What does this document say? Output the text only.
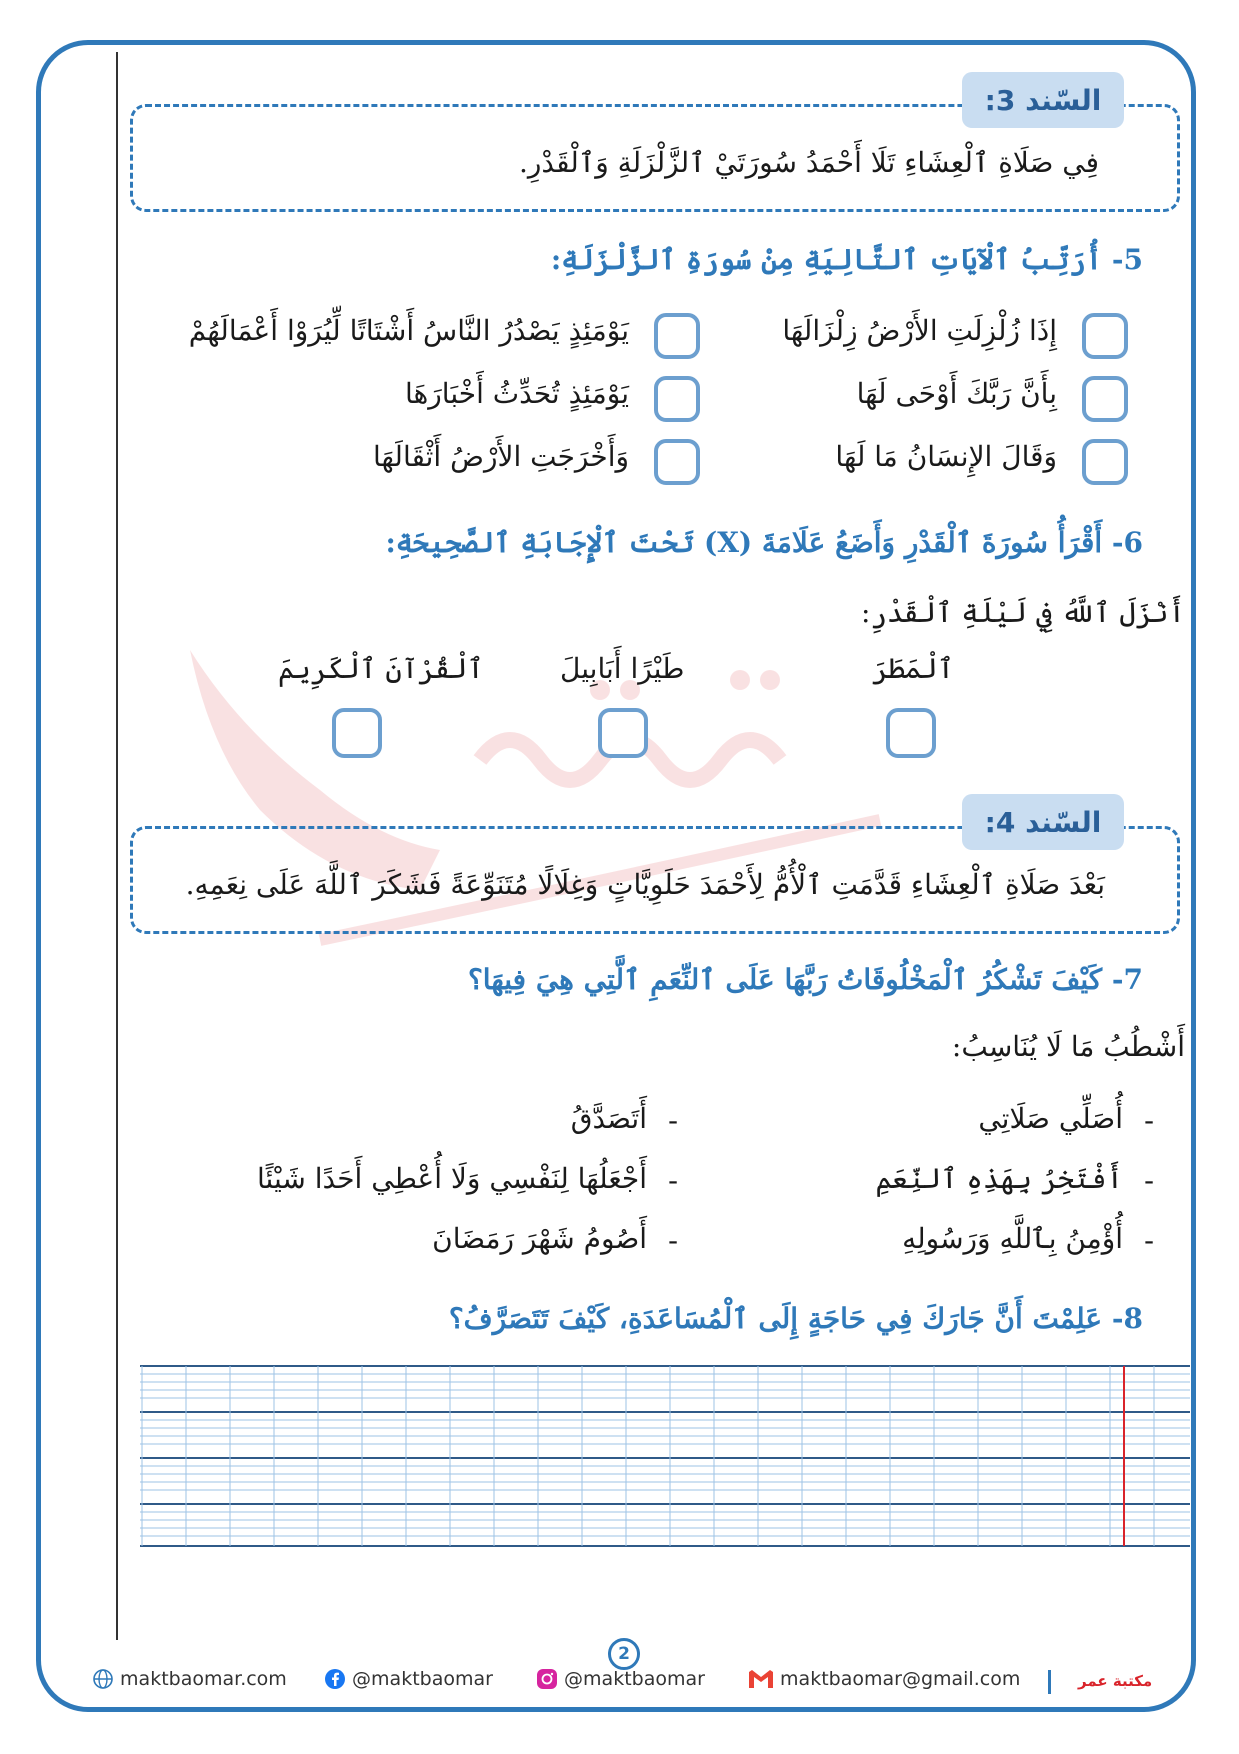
السّند 3:
فِي صَلَاةِ ٱلْعِشَاءِ تَلَا أَحْمَدُ سُورَتَيْ ٱلزَّلْزَلَةِ وَٱلْقَدْرِ.
5- أُرَتِّبُ ٱلْآيَاتِ ٱلتَّالِيَةِ مِنْ سُورَةِ ٱلزَّلْزَلَةِ:
إِذَا زُلْزِلَتِ الأَرْضُ زِلْزَالَهَا
يَوْمَئِذٍ يَصْدُرُ النَّاسُ أَشْتَاتًا لِّيُرَوْا أَعْمَالَهُمْ
بِأَنَّ رَبَّكَ أَوْحَى لَهَا
يَوْمَئِذٍ تُحَدِّثُ أَخْبَارَهَا
وَقَالَ الإِنسَانُ مَا لَهَا
وَأَخْرَجَتِ الأَرْضُ أَثْقَالَهَا
6- أَقْرَأُ سُورَةَ ٱلْقَدْرِ وَأَضَعُ عَلَامَةَ (X) تَحْتَ ٱلْإِجَابَةِ ٱلصَّحِيحَةِ:
أَنْزَلَ ٱللَّهُ فِي لَيْلَةِ ٱلْقَدْرِ:
ٱلْمَطَرَ
طَيْرًا أَبَابِيلَ
ٱلْقُرْآنَ ٱلْكَرِيمَ
السّند 4:
بَعْدَ صَلَاةِ ٱلْعِشَاءِ قَدَّمَتِ ٱلْأُمُّ لِأَحْمَدَ حَلَوِيَّاتٍ وَغِلَالًا مُتَنَوِّعَةً فَشَكَرَ ٱللَّهَ عَلَى نِعَمِهِ.
7- كَيْفَ تَشْكُرُ ٱلْمَخْلُوقَاتُ رَبَّهَا عَلَى ٱلنِّعَمِ ٱلَّتِي هِيَ فِيهَا؟
أَشْطُبُ مَا لَا يُنَاسِبُ:
-
أُصَلِّي صَلَاتِي
-
أَتَصَدَّقُ
-
أَفْتَخِرُ بِهَذِهِ ٱلنِّعَمِ
-
أَجْعَلُهَا لِنَفْسِي وَلَا أُعْطِي أَحَدًا شَيْئًا
-
أُؤْمِنُ بِٱللَّهِ وَرَسُولِهِ
-
أَصُومُ شَهْرَ رَمَضَانَ
8- عَلِمْتَ أَنَّ جَارَكَ فِي حَاجَةٍ إِلَى ٱلْمُسَاعَدَةِ، كَيْفَ تَتَصَرَّفُ؟
2
maktbaomar.com	@maktbaomar	@maktbaomar	maktbaomar@gmail.com	مكتبة عمر
